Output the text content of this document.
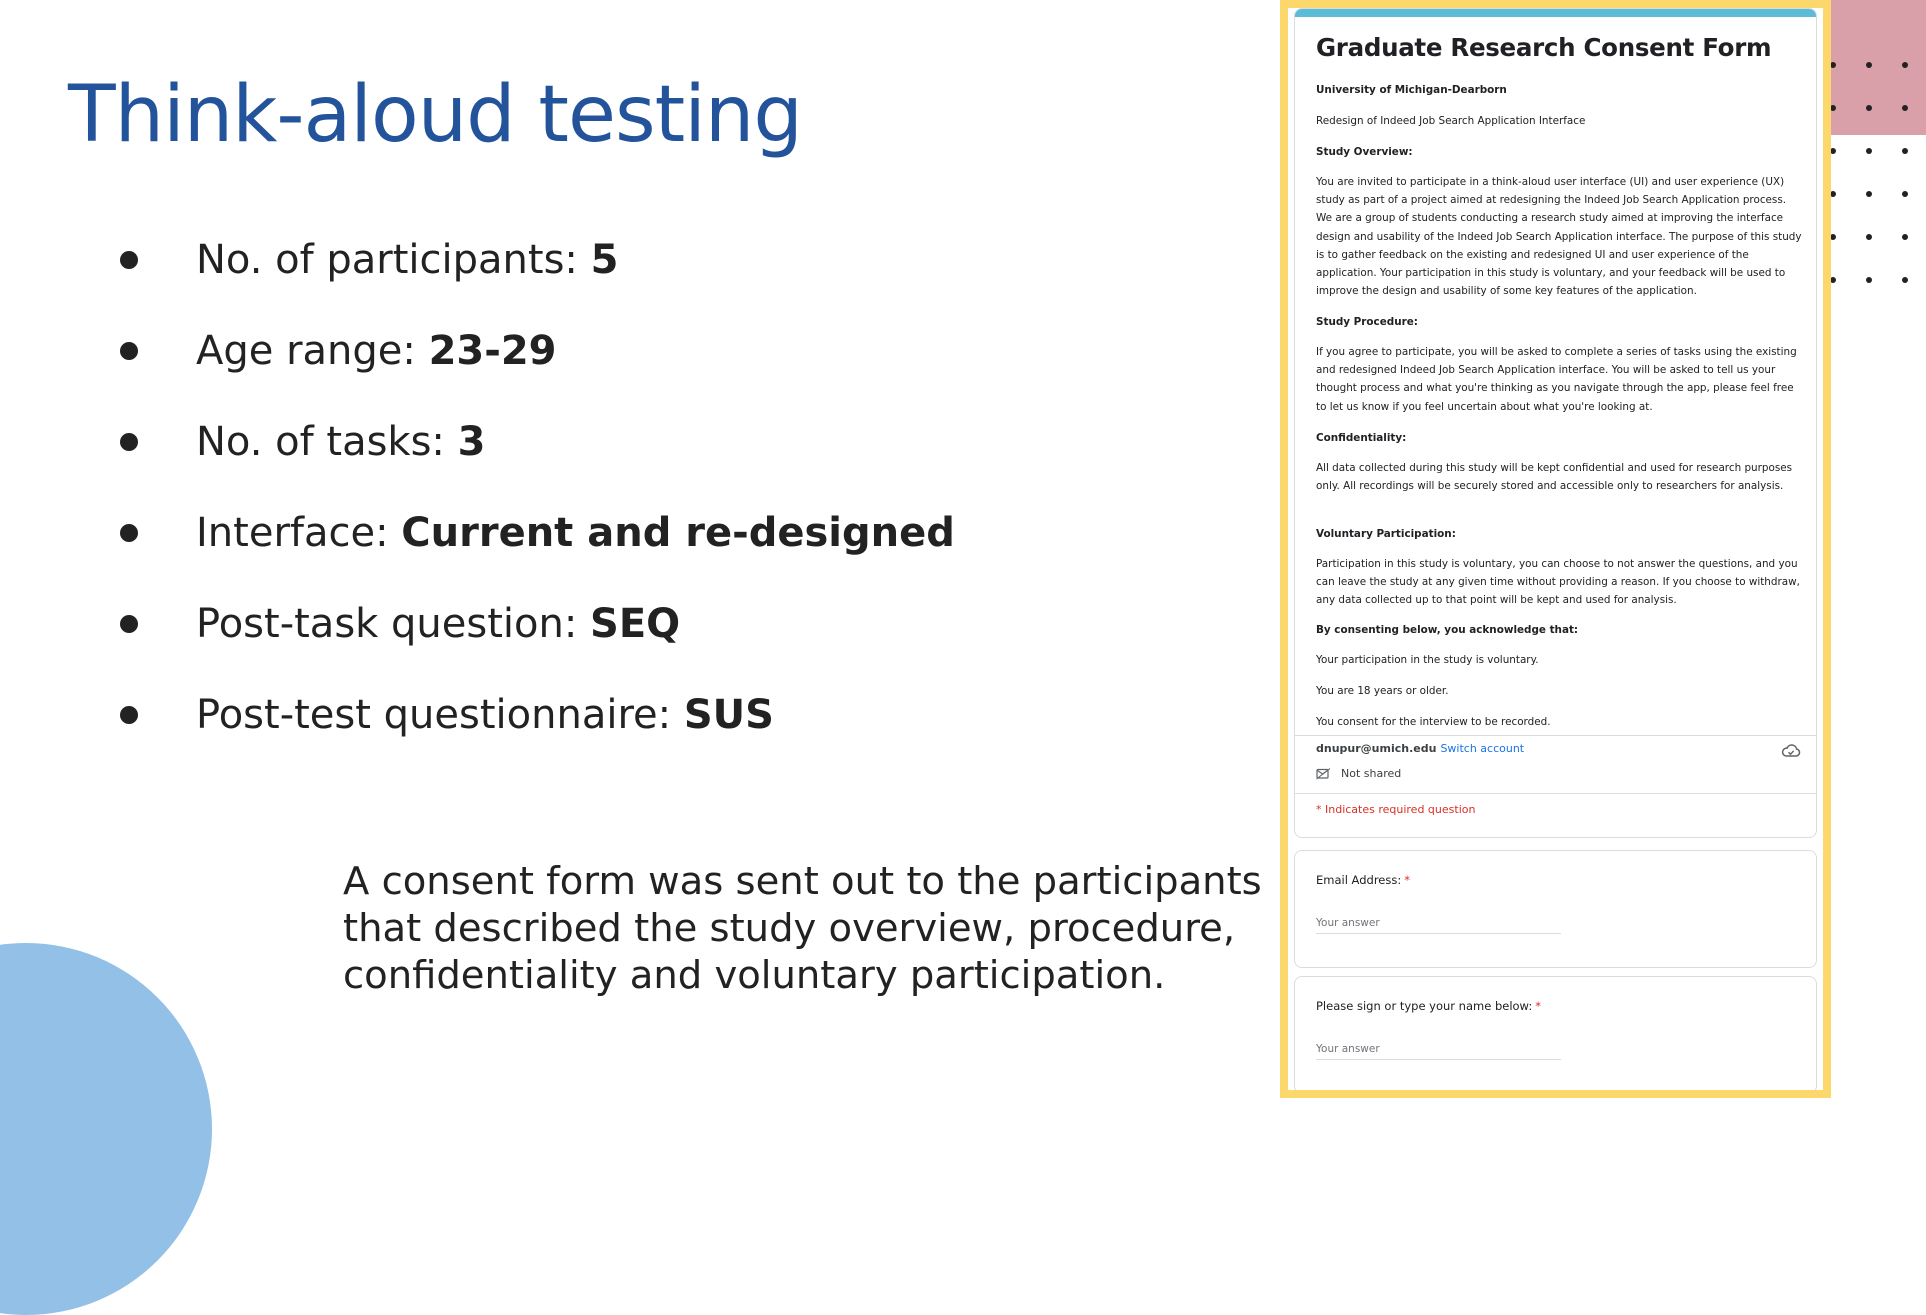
Think-aloud testing
No. of participants: 5
Age range: 23-29
No. of tasks: 3
Interface: Current and re-designed
Post-task question: SEQ
Post-test questionnaire: SUS

A consent form was sent out to the participants that described the study overview, procedure, confidentiality and voluntary participation.

Graduate Research Consent Form
University of Michigan-Dearborn
Redesign of Indeed Job Search Application Interface
Study Overview:
You are invited to participate in a think-aloud user interface (UI) and user experience (UX) study as part of a project aimed at redesigning the Indeed Job Search Application process. We are a group of students conducting a research study aimed at improving the interface design and usability of the Indeed Job Search Application interface. The purpose of this study is to gather feedback on the existing and redesigned UI and user experience of the application. Your participation in this study is voluntary, and your feedback will be used to improve the design and usability of some key features of the application.
Study Procedure:
If you agree to participate, you will be asked to complete a series of tasks using the existing and redesigned Indeed Job Search Application interface. You will be asked to tell us your thought process and what you're thinking as you navigate through the app, please feel free to let us know if you feel uncertain about what you're looking at.
Confidentiality:
All data collected during this study will be kept confidential and used for research purposes only. All recordings will be securely stored and accessible only to researchers for analysis.
Voluntary Participation:
Participation in this study is voluntary, you can choose to not answer the questions, and you can leave the study at any given time without providing a reason. If you choose to withdraw, any data collected up to that point will be kept and used for analysis.
By consenting below, you acknowledge that:
Your participation in the study is voluntary.
You are 18 years or older.
You consent for the interview to be recorded.
dnupur@umich.edu Switch account
Not shared
* Indicates required question
Email Address: *
Your answer
Please sign or type your name below: *
Your answer
